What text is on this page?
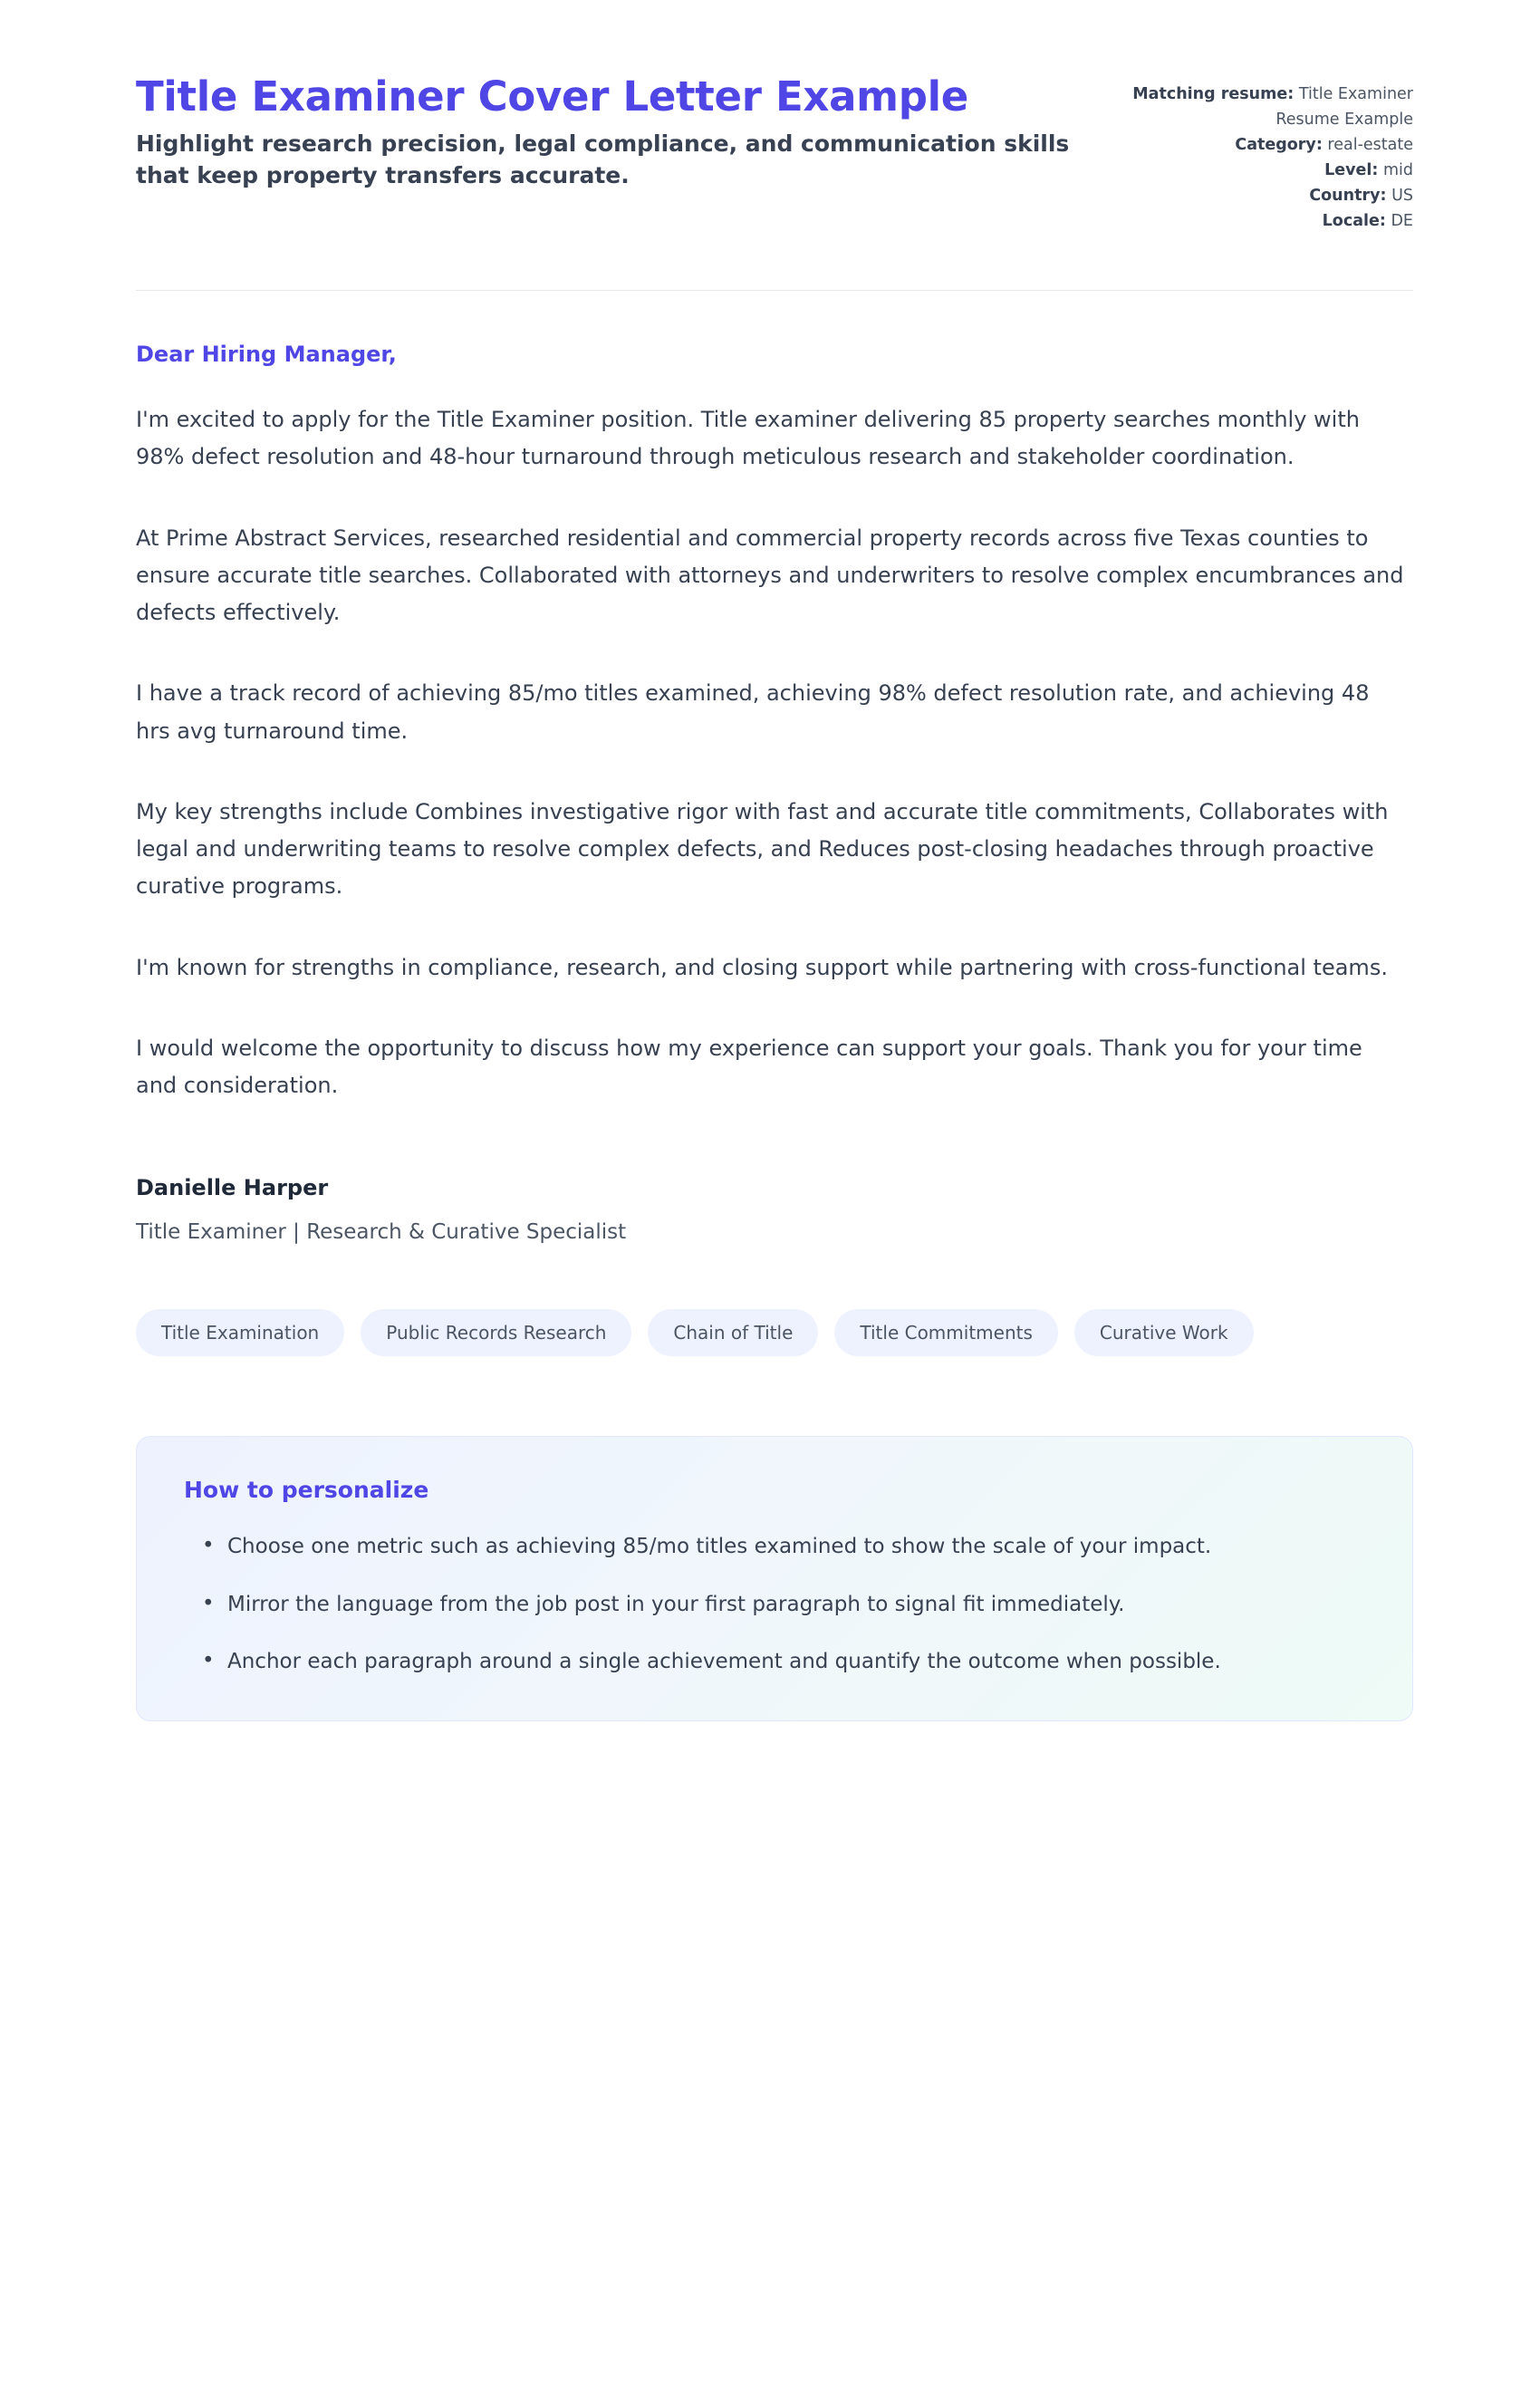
Title Examiner Cover Letter Example

Highlight research precision, legal compliance, and communication skills that keep property transfers accurate.

Matching resume: Title Examiner Resume Example
Category: real-estate
Level: mid
Country: US
Locale: DE

Dear Hiring Manager,

I'm excited to apply for the Title Examiner position. Title examiner delivering 85 property searches monthly with 98% defect resolution and 48-hour turnaround through meticulous research and stakeholder coordination.

At Prime Abstract Services, researched residential and commercial property records across five Texas counties to ensure accurate title searches. Collaborated with attorneys and underwriters to resolve complex encumbrances and defects effectively.

I have a track record of achieving 85/mo titles examined, achieving 98% defect resolution rate, and achieving 48 hrs avg turnaround time.

My key strengths include Combines investigative rigor with fast and accurate title commitments, Collaborates with legal and underwriting teams to resolve complex defects, and Reduces post-closing headaches through proactive curative programs.

I'm known for strengths in compliance, research, and closing support while partnering with cross-functional teams.

I would welcome the opportunity to discuss how my experience can support your goals. Thank you for your time and consideration.

Danielle Harper

Title Examiner | Research & Curative Specialist

Title Examination	Public Records Research	Chain of Title	Title Commitments	Curative Work
How to personalize
• Choose one metric such as achieving 85/mo titles examined to show the scale of your impact.
• Mirror the language from the job post in your first paragraph to signal fit immediately.
• Anchor each paragraph around a single achievement and quantify the outcome when possible.
